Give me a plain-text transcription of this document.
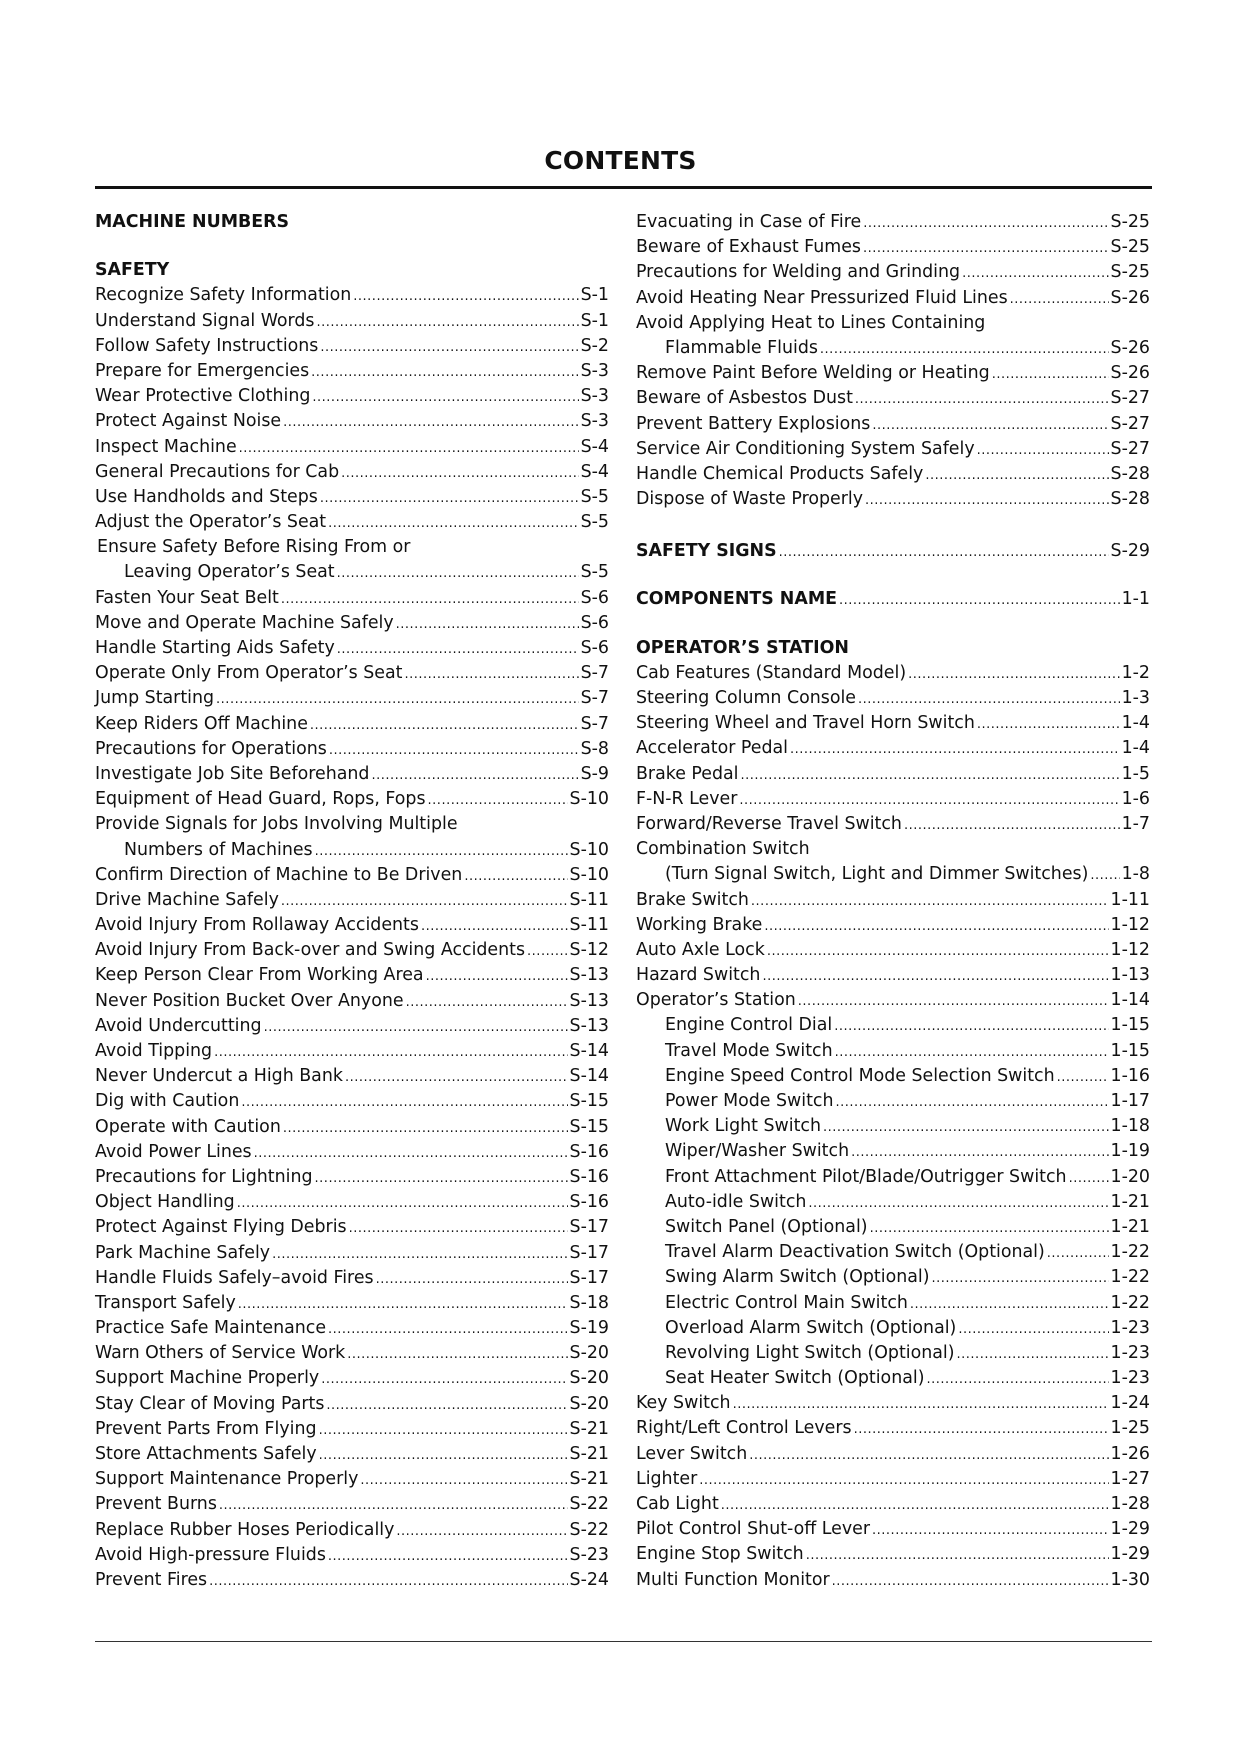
CONTENTS
MACHINE NUMBERS
SAFETY
Recognize Safety Information .....	S-1
Understand Signal Words .....	S-1
Follow Safety Instructions .....	S-2
Prepare for Emergencies .....	S-3
Wear Protective Clothing .....	S-3
Protect Against Noise .....	S-3
Inspect Machine .....	S-4
General Precautions for Cab .....	S-4
Use Handholds and Steps .....	S-5
Adjust the Operator’s Seat .....	S-5
Ensure Safety Before Rising From or
Leaving Operator’s Seat .....	S-5
Fasten Your Seat Belt .....	S-6
Move and Operate Machine Safely .....	S-6
Handle Starting Aids Safety .....	S-6
Operate Only From Operator’s Seat .....	S-7
Jump Starting .....	S-7
Keep Riders Off Machine .....	S-7
Precautions for Operations .....	S-8
Investigate Job Site Beforehand .....	S-9
Equipment of Head Guard, Rops, Fops .....	S-10
Provide Signals for Jobs Involving Multiple
Numbers of Machines .....	S-10
Confirm Direction of Machine to Be Driven .....	S-10
Drive Machine Safely .....	S-11
Avoid Injury From Rollaway Accidents .....	S-11
Avoid Injury From Back-over and Swing Accidents .....	S-12
Keep Person Clear From Working Area .....	S-13
Never Position Bucket Over Anyone .....	S-13
Avoid Undercutting .....	S-13
Avoid Tipping .....	S-14
Never Undercut a High Bank .....	S-14
Dig with Caution .....	S-15
Operate with Caution .....	S-15
Avoid Power Lines .....	S-16
Precautions for Lightning .....	S-16
Object Handling .....	S-16
Protect Against Flying Debris .....	S-17
Park Machine Safely .....	S-17
Handle Fluids Safely–avoid Fires .....	S-17
Transport Safely .....	S-18
Practice Safe Maintenance .....	S-19
Warn Others of Service Work .....	S-20
Support Machine Properly .....	S-20
Stay Clear of Moving Parts .....	S-20
Prevent Parts From Flying .....	S-21
Store Attachments Safely .....	S-21
Support Maintenance Properly .....	S-21
Prevent Burns .....	S-22
Replace Rubber Hoses Periodically .....	S-22
Avoid High-pressure Fluids .....	S-23
Prevent Fires .....	S-24
Evacuating in Case of Fire .....	S-25
Beware of Exhaust Fumes .....	S-25
Precautions for Welding and Grinding .....	S-25
Avoid Heating Near Pressurized Fluid Lines .....	S-26
Avoid Applying Heat to Lines Containing
Flammable Fluids .....	S-26
Remove Paint Before Welding or Heating .....	S-26
Beware of Asbestos Dust .....	S-27
Prevent Battery Explosions .....	S-27
Service Air Conditioning System Safely .....	S-27
Handle Chemical Products Safely .....	S-28
Dispose of Waste Properly .....	S-28
SAFETY SIGNS .....	S-29
COMPONENTS NAME .....	1-1
OPERATOR’S STATION
Cab Features (Standard Model) .....	1-2
Steering Column Console .....	1-3
Steering Wheel and Travel Horn Switch .....	1-4
Accelerator Pedal .....	1-4
Brake Pedal .....	1-5
F-N-R Lever .....	1-6
Forward/Reverse Travel Switch .....	1-7
Combination Switch
(Turn Signal Switch, Light and Dimmer Switches) ..... 1-8
Brake Switch .....	1-11
Working Brake .....	1-12
Auto Axle Lock .....	1-12
Hazard Switch .....	1-13
Operator’s Station .....	1-14
Engine Control Dial .....	1-15
Travel Mode Switch .....	1-15
Engine Speed Control Mode Selection Switch .....	1-16
Power Mode Switch .....	1-17
Work Light Switch .....	1-18
Wiper/Washer Switch .....	1-19
Front Attachment Pilot/Blade/Outrigger Switch .....	1-20
Auto-idle Switch .....	1-21
Switch Panel (Optional) .....	1-21
Travel Alarm Deactivation Switch (Optional) .....	1-22
Swing Alarm Switch (Optional) .....	1-22
Electric Control Main Switch .....	1-22
Overload Alarm Switch (Optional) .....	1-23
Revolving Light Switch (Optional) .....	1-23
Seat Heater Switch (Optional) .....	1-23
Key Switch .....	1-24
Right/Left Control Levers .....	1-25
Lever Switch .....	1-26
Lighter .....	1-27
Cab Light .....	1-28
Pilot Control Shut-off Lever .....	1-29
Engine Stop Switch .....	1-29
Multi Function Monitor .....	1-30
